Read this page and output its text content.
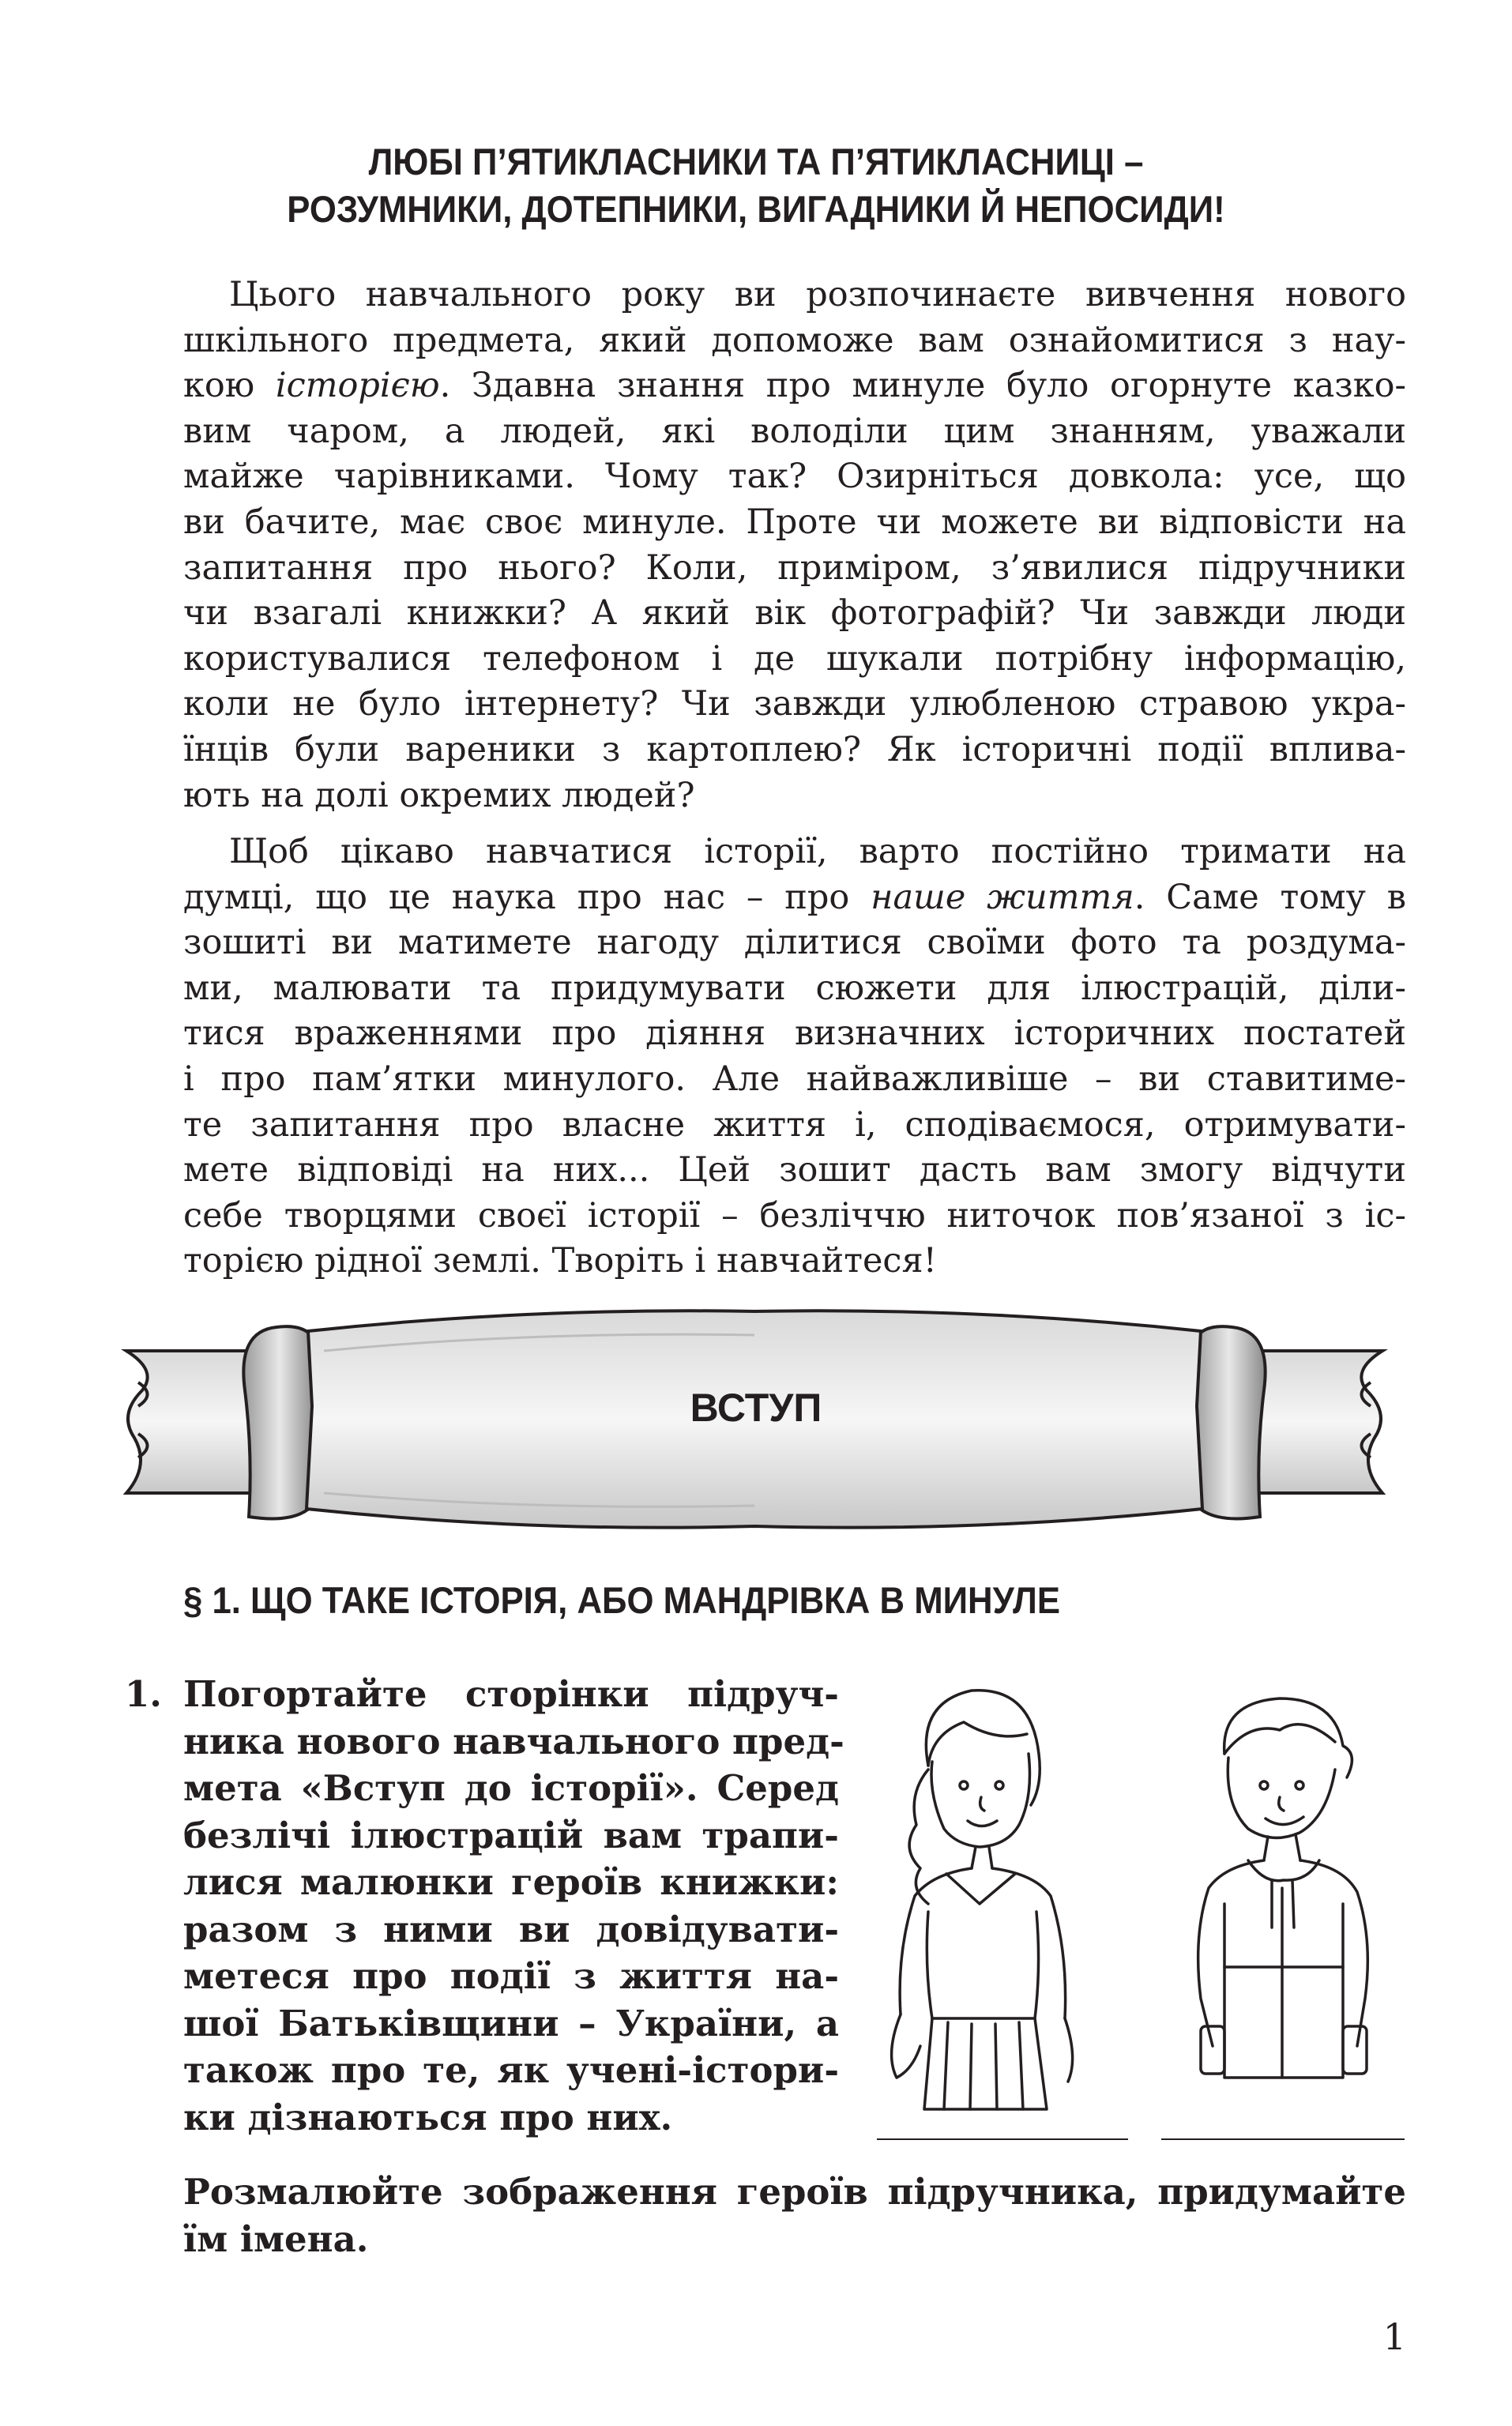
ЛЮБІ П’ЯТИКЛАСНИКИ ТА П’ЯТИКЛАСНИЦІ –
РОЗУМНИКИ, ДОТЕПНИКИ, ВИГАДНИКИ Й НЕПОСИДИ!
Цього навчального року ви розпочинаєте вивчення нового
шкільного предмета, який допоможе вам ознайомитися з нау-
кою історією. Здавна знання про минуле було огорнуте казко-
вим чаром, а людей, які володіли цим знанням, уважали
майже чарівниками. Чому так? Озирніться довкола: усе, що
ви бачите, має своє минуле. Проте чи можете ви відповісти на
запитання про нього? Коли, приміром, з’явилися підручники
чи взагалі книжки? А який вік фотографій? Чи завжди люди
користувалися телефоном і де шукали потрібну інформацію,
коли не було інтернету? Чи завжди улюбленою стравою укра-
їнців були вареники з картоплею? Як історичні події вплива-
ють на долі окремих людей?
Щоб цікаво навчатися історії, варто постійно тримати на
думці, що це наука про нас – про наше життя. Саме тому в
зошиті ви матимете нагоду ділитися своїми фото та роздума-
ми, малювати та придумувати сюжети для ілюстрацій, діли-
тися враженнями про діяння визначних історичних постатей
і про пам’ятки минулого. Але найважливіше – ви ставитиме-
те запитання про власне життя і, сподіваємося, отримувати-
мете відповіді на них... Цей зошит дасть вам змогу відчути
себе творцями своєї історії – безліччю ниточок пов’язаної з іс-
торією рідної землі. Творіть і навчайтеся!
ВСТУП
§ 1. ЩО ТАКЕ ІСТОРІЯ, АБО МАНДРІВКА В МИНУЛЕ
1. Погортайте сторінки підруч-
ника нового навчального пред-
мета «Вступ до історії». Серед
безлічі ілюстрацій вам трапи-
лися малюнки героїв книжки:
разом з ними ви довідувати-
метеся про події з життя на-
шої Батьківщини – України, а
також про те, як учені-істори-
ки дізнаються про них.
Розмалюйте зображення героїв підручника, придумайте
їм імена.
1
